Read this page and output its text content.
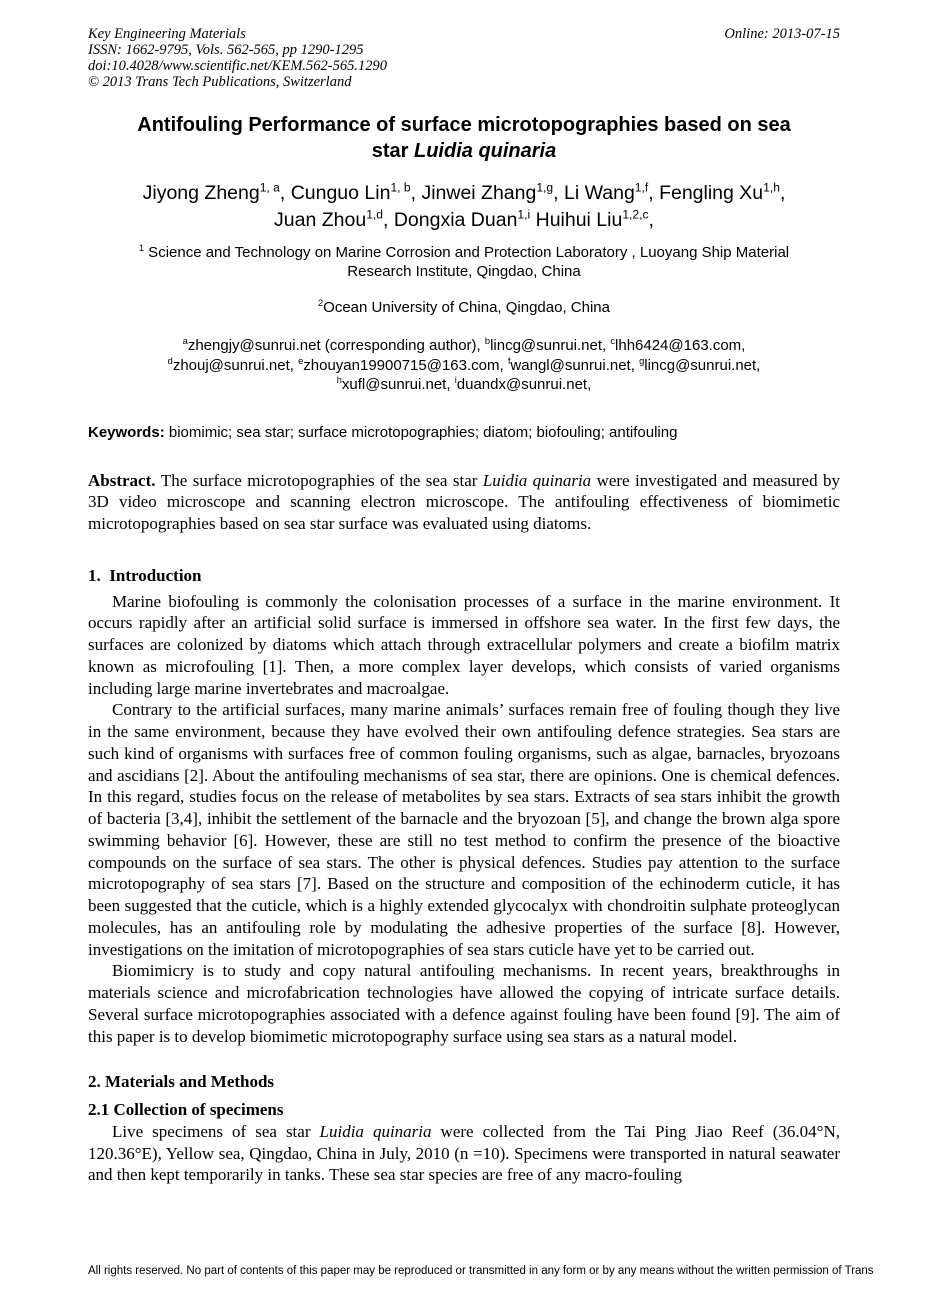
Key Engineering Materials
ISSN: 1662-9795, Vols. 562-565, pp 1290-1295
doi:10.4028/www.scientific.net/KEM.562-565.1290
© 2013 Trans Tech Publications, Switzerland
Online: 2013-07-15
Antifouling Performance of surface microtopographies based on sea
star Luidia quinaria
Jiyong Zheng$^{1, a}$, Cunguo Lin$^{1, b}$, Jinwei Zhang$^{1,g}$, Li Wang$^{1,f}$, Fengling Xu$^{1,h}$,
Juan Zhou$^{1,d}$, Dongxia Duan$^{1,i}$ Huihui Liu$^{1,2,c}$,
$^1$ Science and Technology on Marine Corrosion and Protection Laboratory , Luoyang Ship Material
Research Institute, Qingdao, China
$^2$Ocean University of China, Qingdao, China
$^a$zhengjy@sunrui.net (corresponding author), $^b$lincg@sunrui.net, $^c$lhh6424@163.com,
$^d$zhouj@sunrui.net, $^e$zhouyan19900715@163.com, $^f$wangl@sunrui.net, $^g$lincg@sunrui.net,
$^h$xufl@sunrui.net, $^i$duandx@sunrui.net,
Keywords: biomimic; sea star; surface microtopographies; diatom; biofouling; antifouling

Abstract. The surface microtopographies of the sea star Luidia quinaria were investigated and measured by 3D video microscope and scanning electron microscope. The antifouling effectiveness of biomimetic microtopographies based on sea star surface was evaluated using diatoms.

1.  Introduction

Marine biofouling is commonly the colonisation processes of a surface in the marine environment. It occurs rapidly after an artificial solid surface is immersed in offshore sea water. In the first few days, the surfaces are colonized by diatoms which attach through extracellular polymers and create a biofilm matrix known as microfouling [1]. Then, a more complex layer develops, which consists of varied organisms including large marine invertebrates and macroalgae.

Contrary to the artificial surfaces, many marine animals’ surfaces remain free of fouling though they live in the same environment, because they have evolved their own antifouling defence strategies. Sea stars are such kind of organisms with surfaces free of common fouling organisms, such as algae, barnacles, bryozoans and ascidians [2]. About the antifouling mechanisms of sea star, there are opinions. One is chemical defences. In this regard, studies focus on the release of metabolites by sea stars. Extracts of sea stars inhibit the growth of bacteria [3,4], inhibit the settlement of the barnacle and the bryozoan [5], and change the brown alga spore swimming behavior [6]. However, these are still no test method to confirm the presence of the bioactive compounds on the surface of sea stars. The other is physical defences. Studies pay attention to the surface microtopography of sea stars [7]. Based on the structure and composition of the echinoderm cuticle, it has been suggested that the cuticle, which is a highly extended glycocalyx with chondroitin sulphate proteoglycan molecules, has an antifouling role by modulating the adhesive properties of the surface [8]. However, investigations on the imitation of microtopographies of sea stars cuticle have yet to be carried out.

Biomimicry is to study and copy natural antifouling mechanisms. In recent years, breakthroughs in materials science and microfabrication technologies have allowed the copying of intricate surface details. Several surface microtopographies associated with a defence against fouling have been found [9]. The aim of this paper is to develop biomimetic microtopography surface using sea stars as a natural model.

2. Materials and Methods
2.1 Collection of specimens

Live specimens of sea star Luidia quinaria were collected from the Tai Ping Jiao Reef (36.04°N, 120.36°E), Yellow sea, Qingdao, China in July, 2010 (n =10). Specimens were transported in natural seawater and then kept temporarily in tanks. These sea star species are free of any macro-fouling

All rights reserved. No part of contents of this paper may be reproduced or transmitted in any form or by any means without the written permission of Trans
